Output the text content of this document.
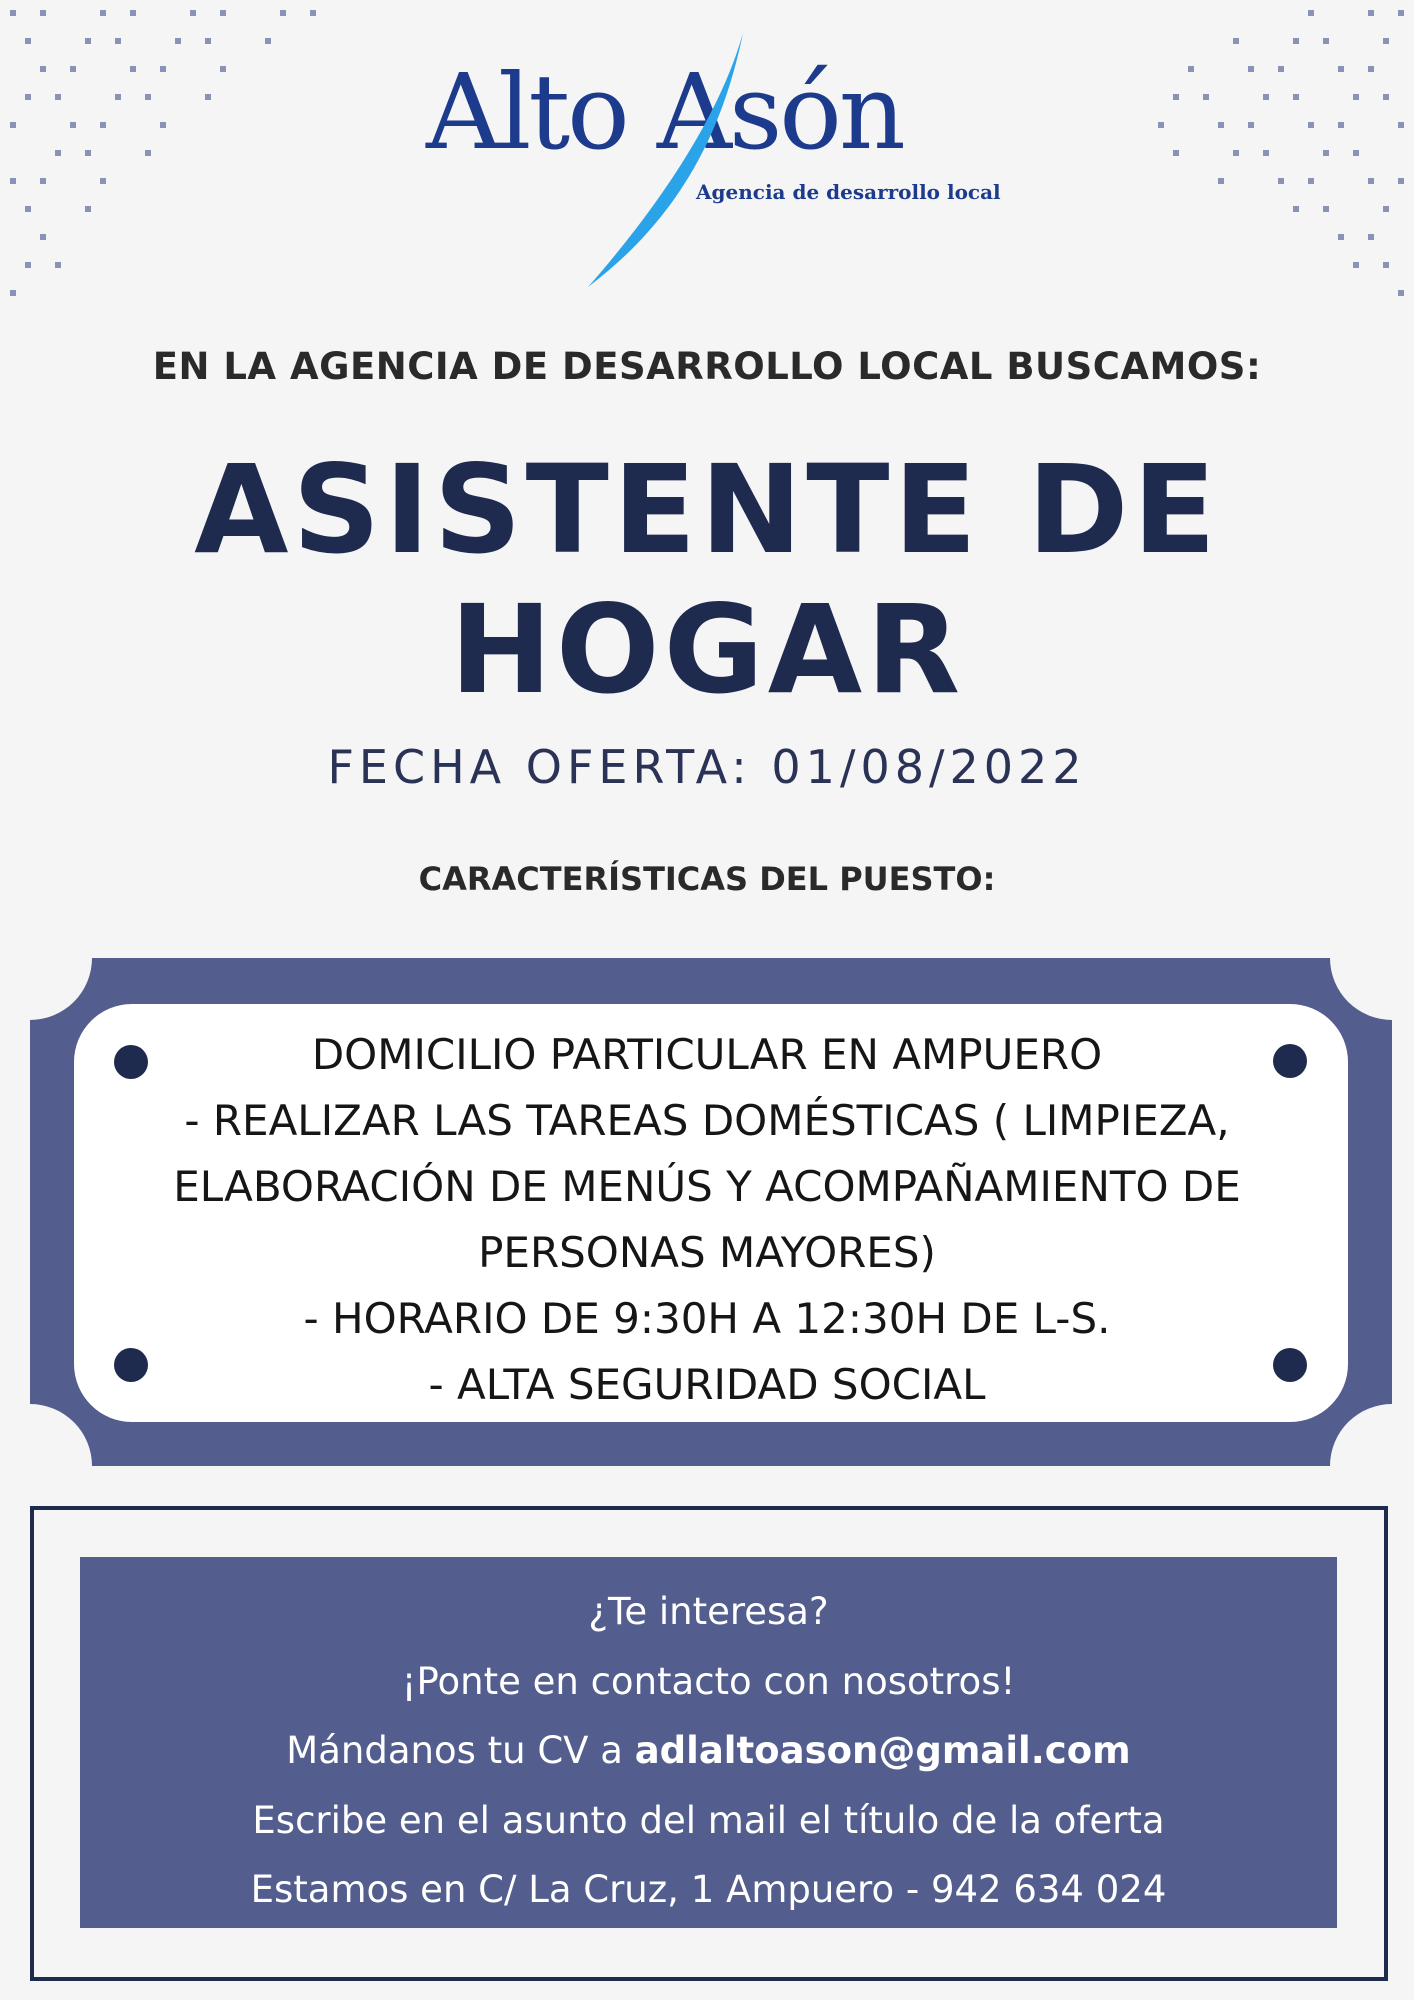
Alto Asón
Agencia de desarrollo local
EN LA AGENCIA DE DESARROLLO LOCAL BUSCAMOS:
ASISTENTE DE
HOGAR
FECHA OFERTA: 01/08/2022
CARACTERÍSTICAS DEL PUESTO:
DOMICILIO PARTICULAR EN AMPUERO
- REALIZAR LAS TAREAS DOMÉSTICAS ( LIMPIEZA,
ELABORACIÓN DE MENÚS Y ACOMPAÑAMIENTO DE
PERSONAS MAYORES)
- HORARIO DE 9:30H A 12:30H DE L-S.
- ALTA SEGURIDAD SOCIAL
¿Te interesa?
¡Ponte en contacto con nosotros!
Mándanos tu CV a adlaltoason@gmail.com
Escribe en el asunto del mail el título de la oferta
Estamos en C/ La Cruz, 1 Ampuero - 942 634 024
